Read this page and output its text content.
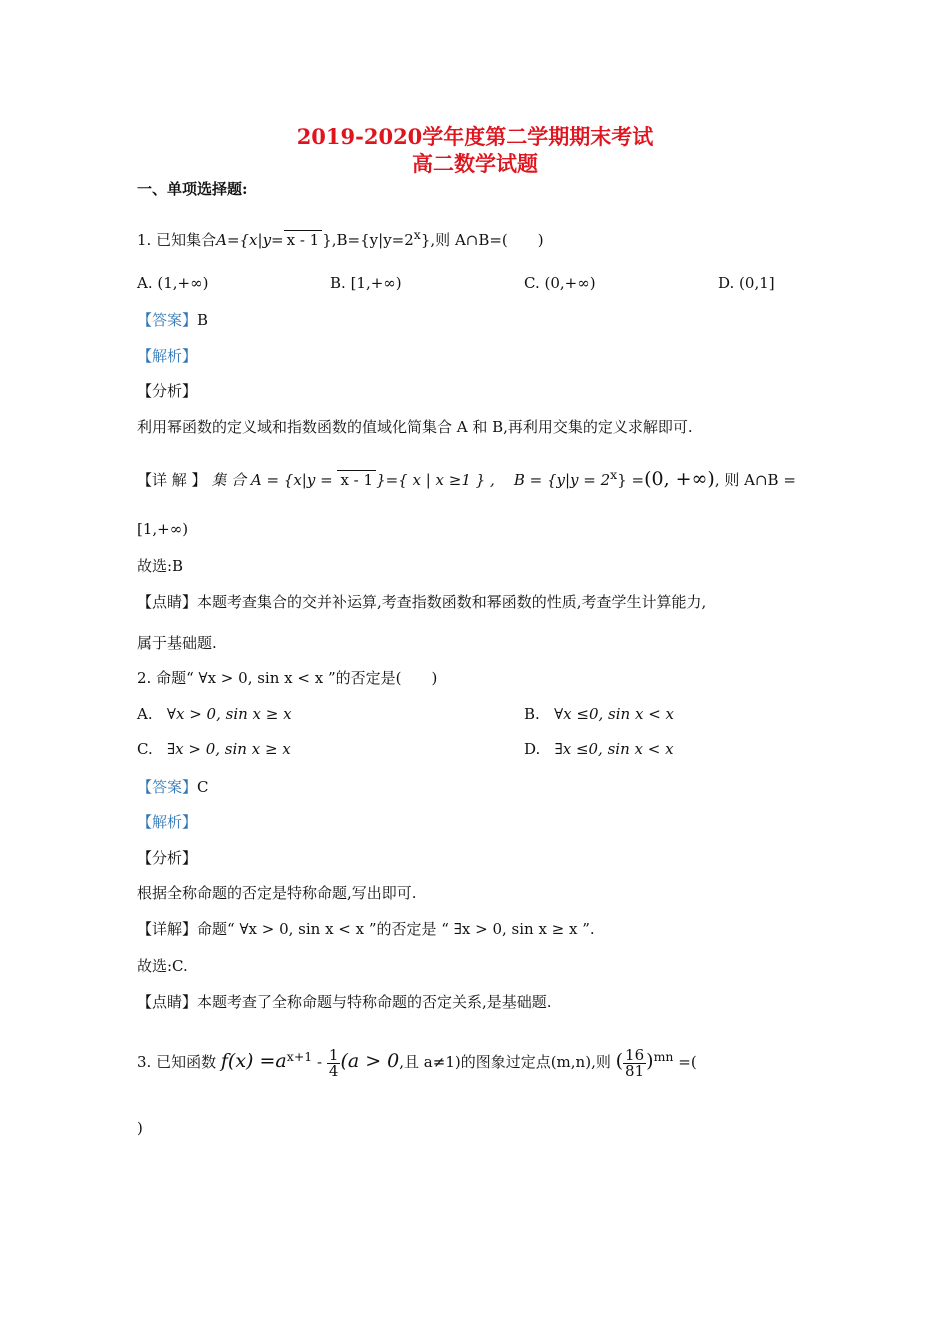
2019-2020学年度第二学期期末考试
高二数学试题
一、单项选择题:
1. 已知集合A={x|y= x - 1 }$,B=\{y|y=2^x\}$,则 A∩B=(　　)
A. (1,+∞)	B. [1,+∞)	C. (0,+∞)	D. (0,1]
【答案】B
【解析】
【分析】
利用幂函数的定义域和指数函数的值域化简集合 A 和 B,再利用交集的定义求解即可.
【详 解 】 集 合 A = {x|y = x - 1 }={ x | x ≥1 } , $B = \{y|y = 2^x\} =(0$, +∞), 则 A∩B =
[1,+∞)
故选:B
【点睛】本题考查集合的交并补运算,考查指数函数和幂函数的性质,考查学生计算能力,
属于基础题.
2. 命题“ ∀x > 0, sin x < x ”的否定是(　　)
A. ∀x > 0, sin x ≥ x	B. ∀x ≤0, sin x < x
C. ∃x > 0, sin x ≥ x	D. ∃x ≤0, sin x < x
【答案】C
【解析】
【分析】
根据全称命题的否定是特称命题,写出即可.
【详解】命题“ ∀x > 0, sin x < x ”的否定是 “ ∃x > 0, sin x ≥ x ”.
故选:C.
【点睛】本题考查了全称命题与特称命题的否定关系,是基础题.
3. 已知函数 $f(x) =a^{x+1} - \frac{1}{4} (a > 0$,且 a≠1)的图象过定点(m,n),则 ( $\frac{16}{81} )^{mn}$ =(
)
